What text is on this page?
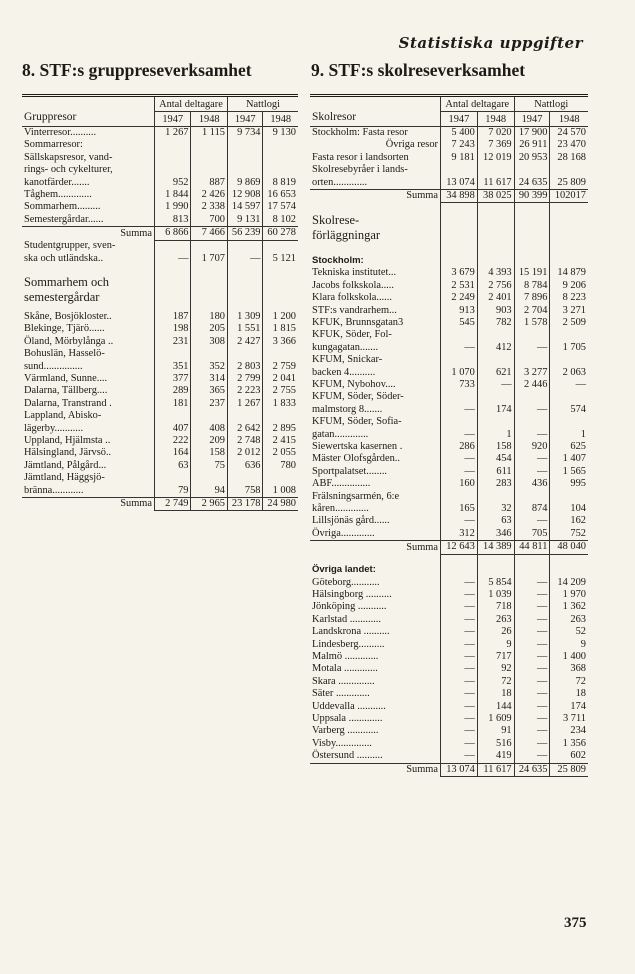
Statistiska uppgifter
8. STF:s gruppreseverksamhet	9. STF:s skolreseverksamhet
Gruppresor	Antal deltagare		Nattlogi	
	1947	1948	1947	1948
Vinterresor..........	1 267	1 115	9 734	9 130
Sommarresor:				
Sällskapsresor, vand-				
rings- och cykelturer,				
kanotfärder.......	952	887	9 869	8 819
Tåghem.............	1 844	2 426	12 908	16 653
Sommarhem.........	1 990	2 338	14 597	17 574
Semestergårdar......	813	700	9 131	8 102
Summa	6 866	7 466	56 239	60 278
Studentgrupper, sven-				
ska och utländska..	—	1 707	—	5 121
Sommarhem och
semestergårdar				
Skåne, Bosjökloster..	187	180	1 309	1 200
Blekinge, Tjärö......	198	205	1 551	1 815
Öland, Mörbylånga ..	231	308	2 427	3 366
Bohuslän, Hasselö-				
sund...............	351	352	2 803	2 759
Värmland, Sunne....	377	314	2 799	2 041
Dalarna, Tällberg....	289	365	2 223	2 755
Dalarna, Transtrand .	181	237	1 267	1 833
Lappland, Abisko-				
lägerby...........	407	408	2 642	2 895
Uppland, Hjälmsta ..	222	209	2 748	2 415
Hälsingland, Järvsö..	164	158	2 012	2 055
Jämtland, Pålgård...	63	75	636	780
Jämtland, Häggsjö-				
bränna............	79	94	758	1 008
Summa	2 749	2 965	23 178	24 980
Skolresor	Antal deltagare		Nattlogi	
	1947	1948	1947	1948
Stockholm: Fasta resor	5 400	7 020	17 900	24 570
Övriga resor	7 243	7 369	26 911	23 470
Fasta resor i landsorten	9 181	12 019	20 953	28 168
Skolresebyråer i lands-				
orten.............	13 074	11 617	24 635	25 809
Summa	34 898	38 025	90 399	102017
Skolrese-
förläggningar				
Stockholm:				
Tekniska institutet...	3 679	4 393	15 191	14 879
Jacobs folkskola.....	2 531	2 756	8 784	9 206
Klara folkskola......	2 249	2 401	7 896	8 223
STF:s vandrarhem...	913	903	2 704	3 271
KFUK, Brunnsgatan3	545	782	1 578	2 509
KFUK, Söder, Fol-				
kungagatan.......	—	412	—	1 705
KFUM, Snickar-				
backen 4..........	1 070	621	3 277	2 063
KFUM, Nybohov....	733	—	2 446	—
KFUM, Söder, Söder-				
malmstorg 8.......	—	174	—	574
KFUM, Söder, Sofia-				
gatan.............	—	1	—	1
Siewertska kasernen .	286	158	920	625
Mäster Olofsgården..	—	454	—	1 407
Sportpalatset........	—	611	—	1 565
ABF...............	160	283	436	995
Frälsningsarmén, 6:e				
kåren.............	165	32	874	104
Lillsjönäs gård......	—	63	—	162
Övriga.............	312	346	705	752
Summa	12 643	14 389	44 811	48 040
Övriga landet:				
Göteborg...........	—	5 854	—	14 209
Hälsingborg ..........	—	1 039	—	1 970
Jönköping ...........	—	718	—	1 362
Karlstad ............	—	263	—	263
Landskrona ..........	—	26	—	52
Lindesberg..........	—	9	—	9
Malmö .............	—	717	—	1 400
Motala .............	—	92	—	368
Skara ..............	—	72	—	72
Säter .............	—	18	—	18
Uddevalla ...........	—	144	—	174
Uppsala .............	—	1 609	—	3 711
Varberg ............	—	91	—	234
Visby..............	—	516	—	1 356
Östersund ..........	—	419	—	602
Summa	13 074	11 617	24 635	25 809
375
